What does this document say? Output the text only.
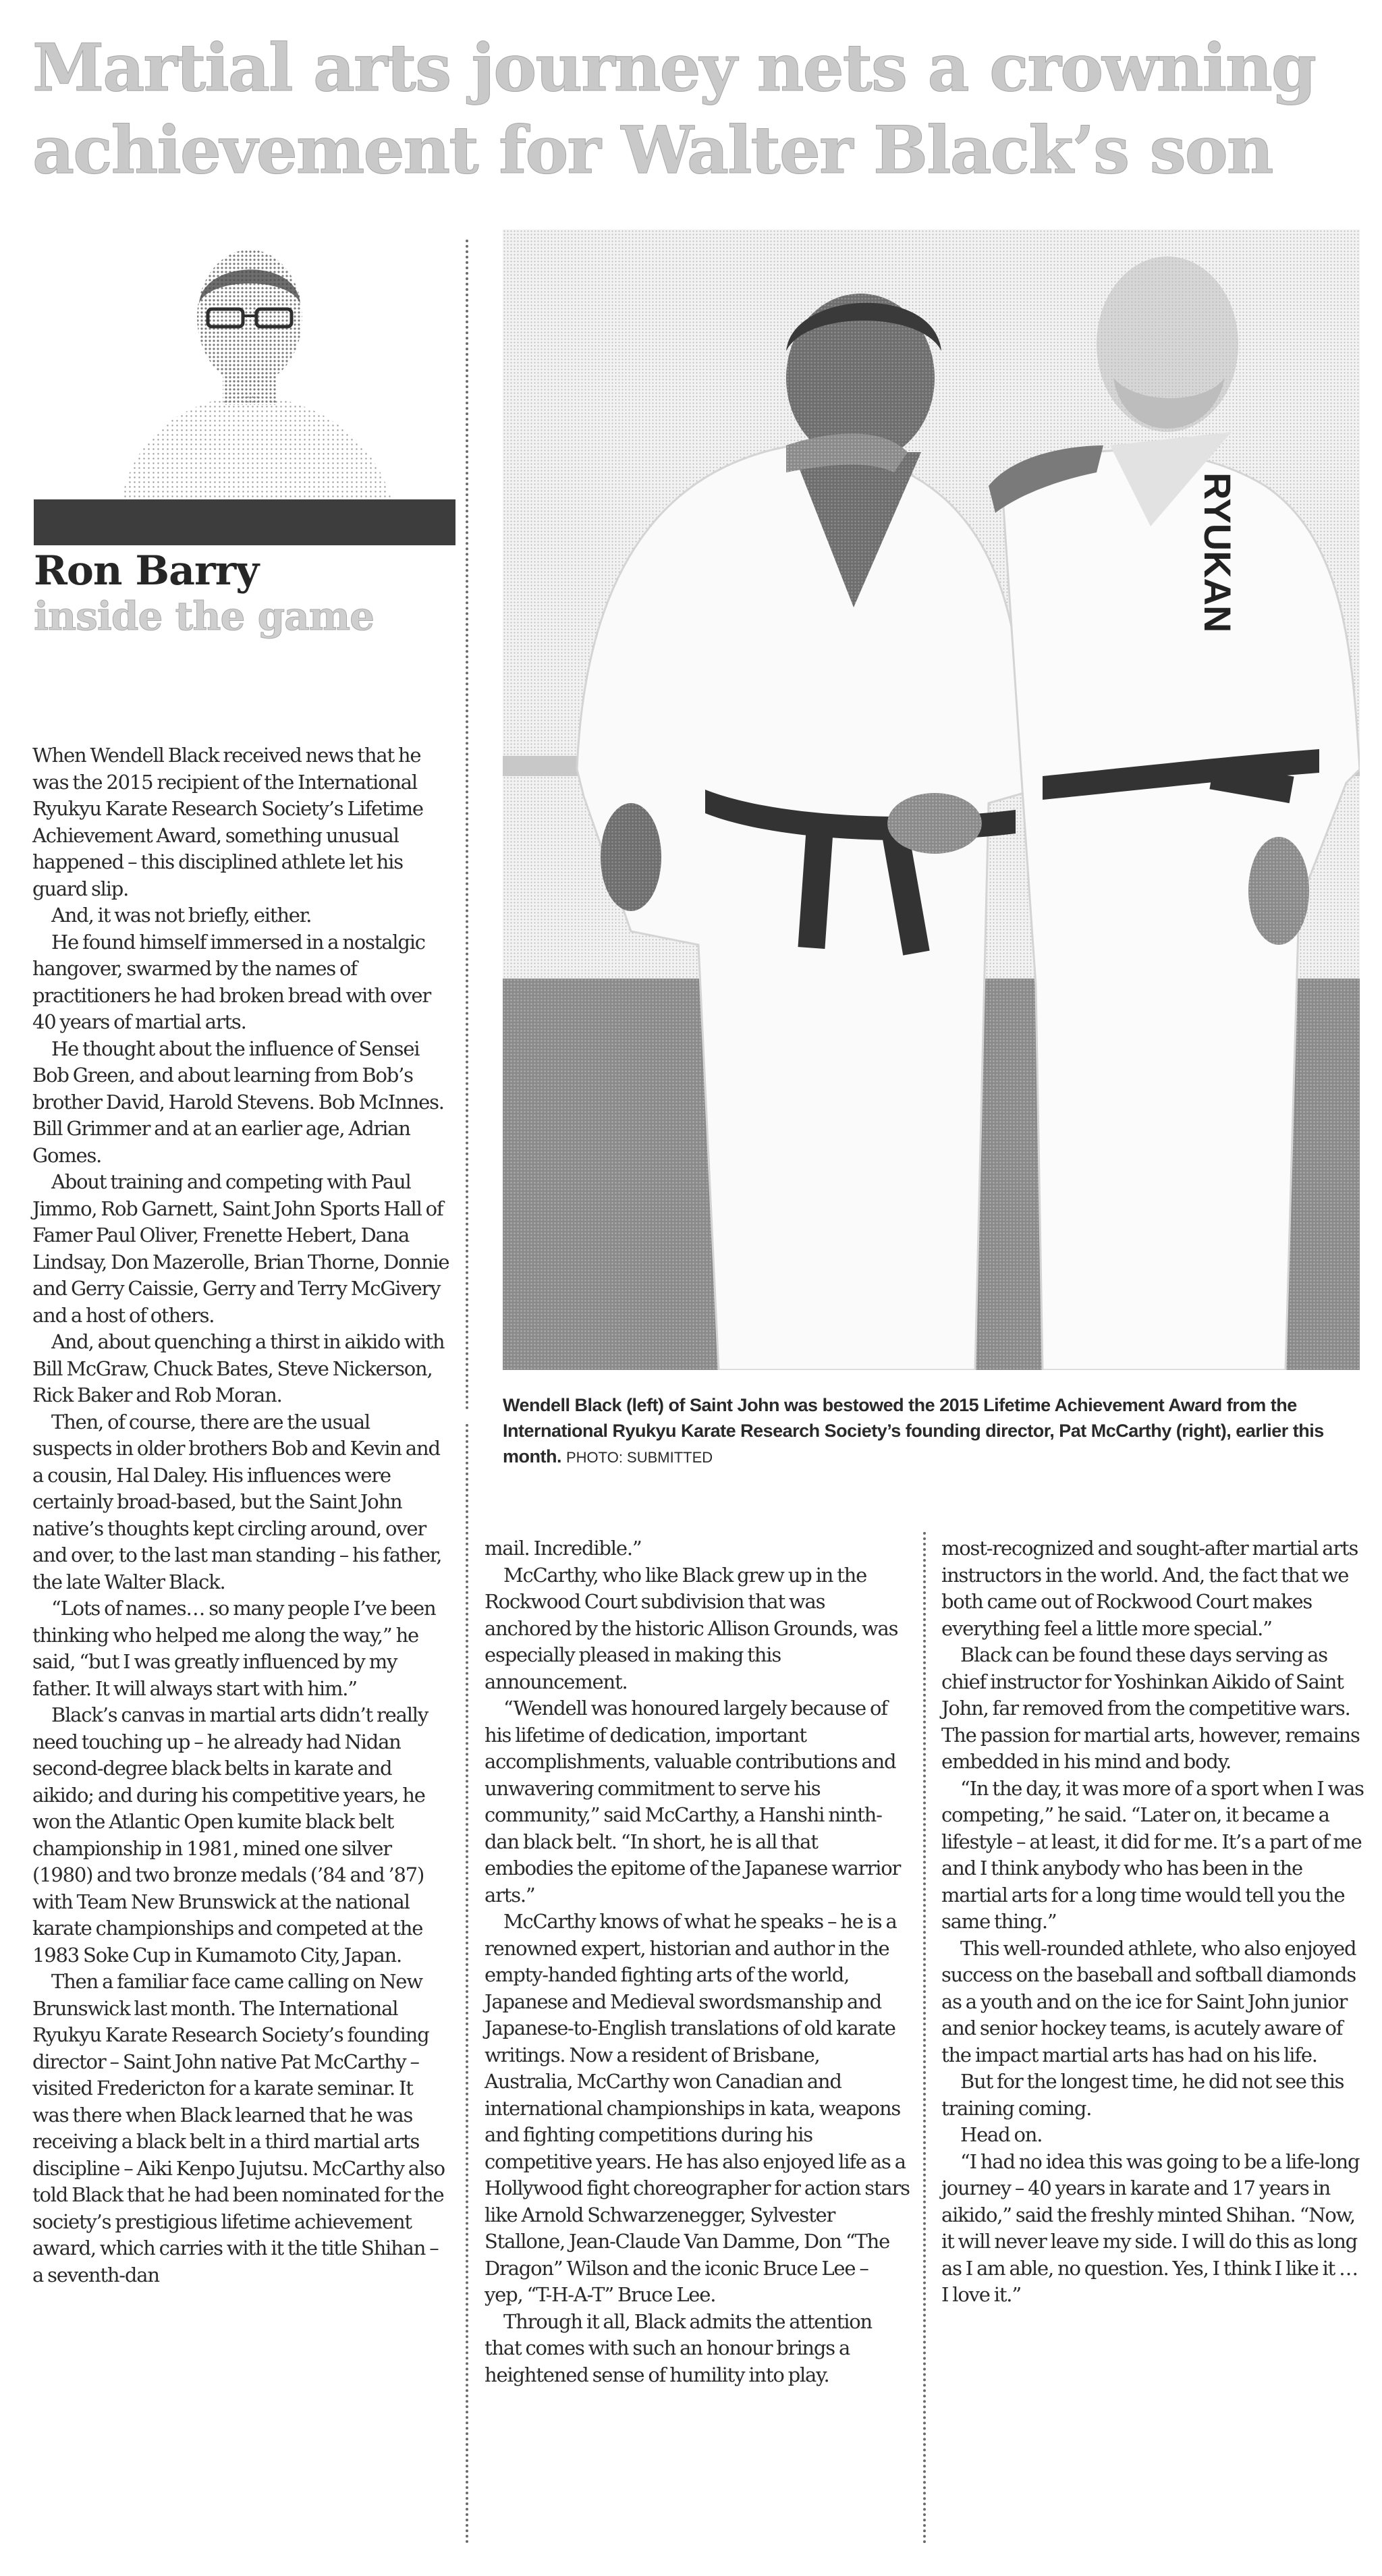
Martial arts journey nets a crowning
achievement for Walter Black’s son
Ron Barry
inside the game	RYUKAN
Wendell Black (left) of Saint John was bestowed the 2015 Lifetime Achievement Award from the International Ryukyu Karate Research Society’s founding director, Pat McCarthy (right), earlier this month. PHOTO: SUBMITTED

When Wendell Black received news that he was the 2015 recipient of the International Ryukyu Karate Research Society’s Lifetime Achievement Award, something unusual happened – this disciplined athlete let his guard slip.

And, it was not briefly, either.

He found himself immersed in a nostalgic hangover, swarmed by the names of practitioners he had broken bread with over 40 years of martial arts.

He thought about the influence of Sensei Bob Green, and about learning from Bob’s brother David, Harold Stevens. Bob McInnes. Bill Grimmer and at an earlier age, Adrian Gomes.

About training and competing with Paul Jimmo, Rob Garnett, Saint John Sports Hall of Famer Paul Oliver, Frenette Hebert, Dana Lindsay, Don Mazerolle, Brian Thorne, Donnie and Gerry Caissie, Gerry and Terry McGivery and a host of others.

And, about quenching a thirst in aikido with Bill McGraw, Chuck Bates, Steve Nickerson, Rick Baker and Rob Moran.

Then, of course, there are the usual suspects in older brothers Bob and Kevin and a cousin, Hal Daley. His influences were certainly broad-based, but the Saint John native’s thoughts kept circling around, over and over, to the last man standing – his father, the late Walter Black.

“Lots of names… so many people I’ve been thinking who helped me along the way,” he said, “but I was greatly influenced by my father. It will always start with him.”

Black’s canvas in martial arts didn’t really need touching up – he already had Nidan second-degree black belts in karate and aikido; and during his competitive years, he won the Atlantic Open kumite black belt championship in 1981, mined one silver (1980) and two bronze medals (’84 and ’87) with Team New Brunswick at the national karate championships and competed at the 1983 Soke Cup in Kumamoto City, Japan.

Then a familiar face came calling on New Brunswick last month. The International Ryukyu Karate Research Society’s founding director – Saint John native Pat McCarthy – visited Fredericton for a karate seminar. It was there when Black learned that he was receiving a black belt in a third martial arts discipline – Aiki Kenpo Jujutsu. McCarthy also told Black that he had been nominated for the society’s prestigious lifetime achievement award, which carries with it the title Shihan – a seventh-dan

mail. Incredible.”

McCarthy, who like Black grew up in the Rockwood Court subdivision that was anchored by the historic Allison Grounds, was especially pleased in making this announcement.

“Wendell was honoured largely because of his lifetime of dedication, important accomplishments, valuable contributions and unwavering commitment to serve his community,” said McCarthy, a Hanshi ninth-dan black belt. “In short, he is all that embodies the epitome of the Japanese warrior arts.”

McCarthy knows of what he speaks – he is a renowned expert, historian and author in the empty-handed fighting arts of the world, Japanese and Medieval swordsmanship and Japanese-to-English translations of old karate writings. Now a resident of Brisbane, Australia, McCarthy won Canadian and international championships in kata, weapons and fighting competitions during his competitive years. He has also enjoyed life as a Hollywood fight choreographer for action stars like Arnold Schwarzenegger, Sylvester Stallone, Jean-Claude Van Damme, Don “The Dragon” Wilson and the iconic Bruce Lee – yep, “T-H-A-T” Bruce Lee.

Through it all, Black admits the attention that comes with such an honour brings a heightened sense of humility into play.

most-recognized and sought-after martial arts instructors in the world. And, the fact that we both came out of Rockwood Court makes everything feel a little more special.”

Black can be found these days serving as chief instructor for Yoshinkan Aikido of Saint John, far removed from the competitive wars. The passion for martial arts, however, remains embedded in his mind and body.

“In the day, it was more of a sport when I was competing,” he said. “Later on, it became a lifestyle – at least, it did for me. It’s a part of me and I think anybody who has been in the martial arts for a long time would tell you the same thing.”

This well-rounded athlete, who also enjoyed success on the baseball and softball diamonds as a youth and on the ice for Saint John junior and senior hockey teams, is acutely aware of the impact martial arts has had on his life.

But for the longest time, he did not see this training coming.

Head on.

“I had no idea this was going to be a life-long journey – 40 years in karate and 17 years in aikido,” said the freshly minted Shihan. “Now, it will never leave my side. I will do this as long as I am able, no question. Yes, I think I like it … I love it.”
